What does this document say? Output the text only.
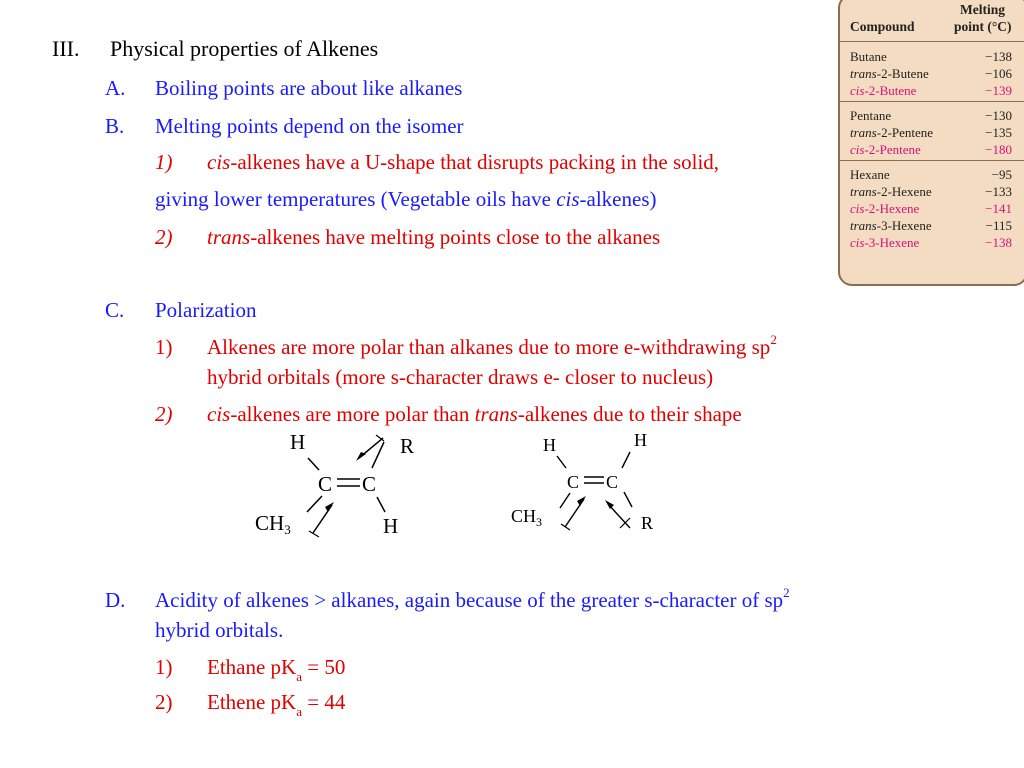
III. Physical properties of Alkenes
A. Boiling points are about like alkanes
B. Melting points depend on the isomer
1) cis-alkenes have a U-shape that disrupts packing in the solid,
giving lower temperatures (Vegetable oils have cis-alkenes)
2) trans-alkenes have melting points close to the alkanes
C. Polarization
1) Alkenes are more polar than alkanes due to more e-withdrawing $sp^2$
hybrid orbitals (more s-character draws e- closer to nucleus)
2) cis-alkenes are more polar than trans-alkenes due to their shape
H	R
C C
CH3	H
H	H
C C
$CH_3$	R
D. Acidity of alkenes > alkanes, again because of the greater s-character of $sp^2$
hybrid orbitals.
1) Ethane $pK_a = 50$
2) Ethene $pK_a = 44$
Compound
Melting
point (°C)
Butane	−138
trans-2-Butene	−106
cis-2-Butene	−139
Pentane	−130
trans-2-Pentene	−135
cis-2-Pentene	−180
Hexane	−95
trans-2-Hexene	−133
cis-2-Hexene	−141
trans-3-Hexene	−115
cis-3-Hexene	−138
